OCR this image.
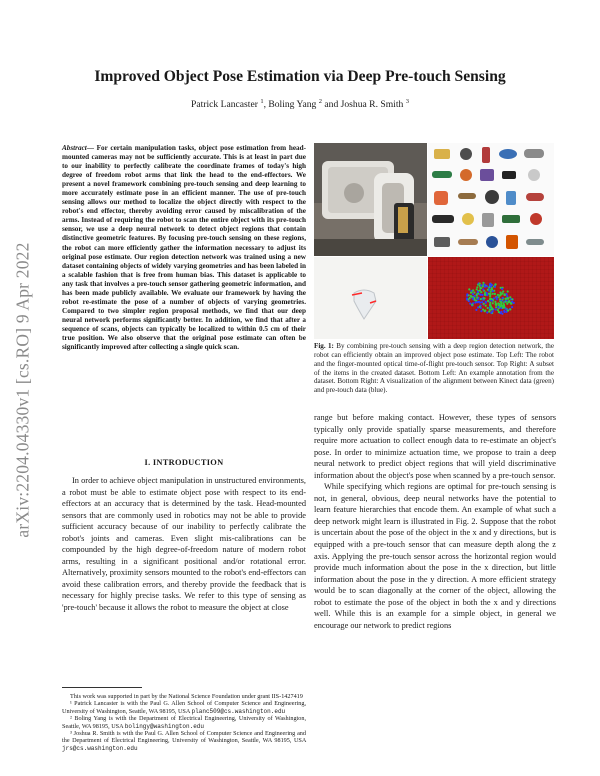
arXiv:2204.04330v1 [cs.RO] 9 Apr 2022
Improved Object Pose Estimation via Deep Pre-touch Sensing

Patrick Lancaster $^1$, Boling Yang $^2$ and Joshua R. Smith $^3$

Abstract— For certain manipulation tasks, object pose estimation from head-mounted cameras may not be sufficiently accurate. This is at least in part due to our inability to perfectly calibrate the coordinate frames of today's high degree of freedom robot arms that link the head to the end-effectors. We present a novel framework combining pre-touch sensing and deep learning to more accurately estimate pose in an efficient manner. The use of pre-touch sensing allows our method to localize the object directly with respect to the robot's end effector, thereby avoiding error caused by miscalibration of the arms. Instead of requiring the robot to scan the entire object with its pre-touch sensor, we use a deep neural network to detect object regions that contain distinctive geometric features. By focusing pre-touch sensing on these regions, the robot can more efficiently gather the information necessary to adjust its original pose estimate. Our region detection network was trained using a new dataset containing objects of widely varying geometries and has been labeled in a scalable fashion that is free from human bias. This dataset is applicable to any task that involves a pre-touch sensor gathering geometric information, and has been made publicly available. We evaluate our framework by having the robot re-estimate the pose of a number of objects of varying geometries. Compared to two simpler region proposal methods, we find that our deep neural network performs significantly better. In addition, we find that after a sequence of scans, objects can typically be localized to within 0.5 cm of their true position. We also observe that the original pose estimate can often be significantly improved after collecting a single quick scan.

I. INTRODUCTION

In order to achieve object manipulation in unstructured environments, a robot must be able to estimate object pose with respect to its end-effectors at an accuracy that is determined by the task. Head-mounted sensors that are commonly used in robotics may not be able to provide sufficient accuracy because of our inability to perfectly calibrate the robot's joints and cameras. Even slight mis-calibrations can be compounded by the high degree-of-freedom nature of modern robot arms, resulting in a significant positional and/or rotational error. Alternatively, proximity sensors mounted to the robot's end-effectors can avoid these calibration errors, and thereby provide the feedback that is necessary for highly precise tasks. We refer to this type of sensing as 'pre-touch' because it allows the robot to measure the object at close

This work was supported in part by the National Science Foundation under grant IIS-1427419

¹ Patrick Lancaster is with the Paul G. Allen School of Computer Science and Engineering, University of Washington, Seattle, WA 98195, USA planc509@cs.washington.edu

² Boling Yang is with the Department of Electrical Engineering, University of Washington, Seattle, WA 98195, USA bolingy@washington.edu

³ Joshua R. Smith is with the Paul G. Allen School of Computer Science and Engineering and the Department of Electrical Engineering, University of Washington, Seattle, WA 98195, USA jrs@cs.washington.edu

Fig. 1: By combining pre-touch sensing with a deep region detection network, the robot can efficiently obtain an improved object pose estimate. Top Left: The robot and the finger-mounted optical time-of-flight pre-touch sensor. Top Right: A subset of the items in the created dataset. Bottom Left: An example annotation from the dataset. Bottom Right: A visualization of the alignment between Kinect data (green) and pre-touch data (blue).

range but before making contact. However, these types of sensors typically only provide spatially sparse measurements, and therefore require more actuation to collect enough data to re-estimate an object's pose. In order to minimize actuation time, we propose to train a deep neural network to predict object regions that will yield discriminative information about the object's pose when scanned by a pre-touch sensor.

While specifying which regions are optimal for pre-touch sensing is not, in general, obvious, deep neural networks have the potential to learn feature hierarchies that encode them. An example of what such a deep network might learn is illustrated in Fig. 2. Suppose that the robot is uncertain about the pose of the object in the x and y directions, but is equipped with a pre-touch sensor that can measure depth along the z axis. Applying the pre-touch sensor across the horizontal region would provide much information about the pose in the x direction, but little information about the pose in the y direction. A more efficient strategy would be to scan diagonally at the corner of the object, allowing the robot to estimate the pose of the object in both the x and y directions well. While this is an example for a simple object, in general we encourage our network to predict regions
